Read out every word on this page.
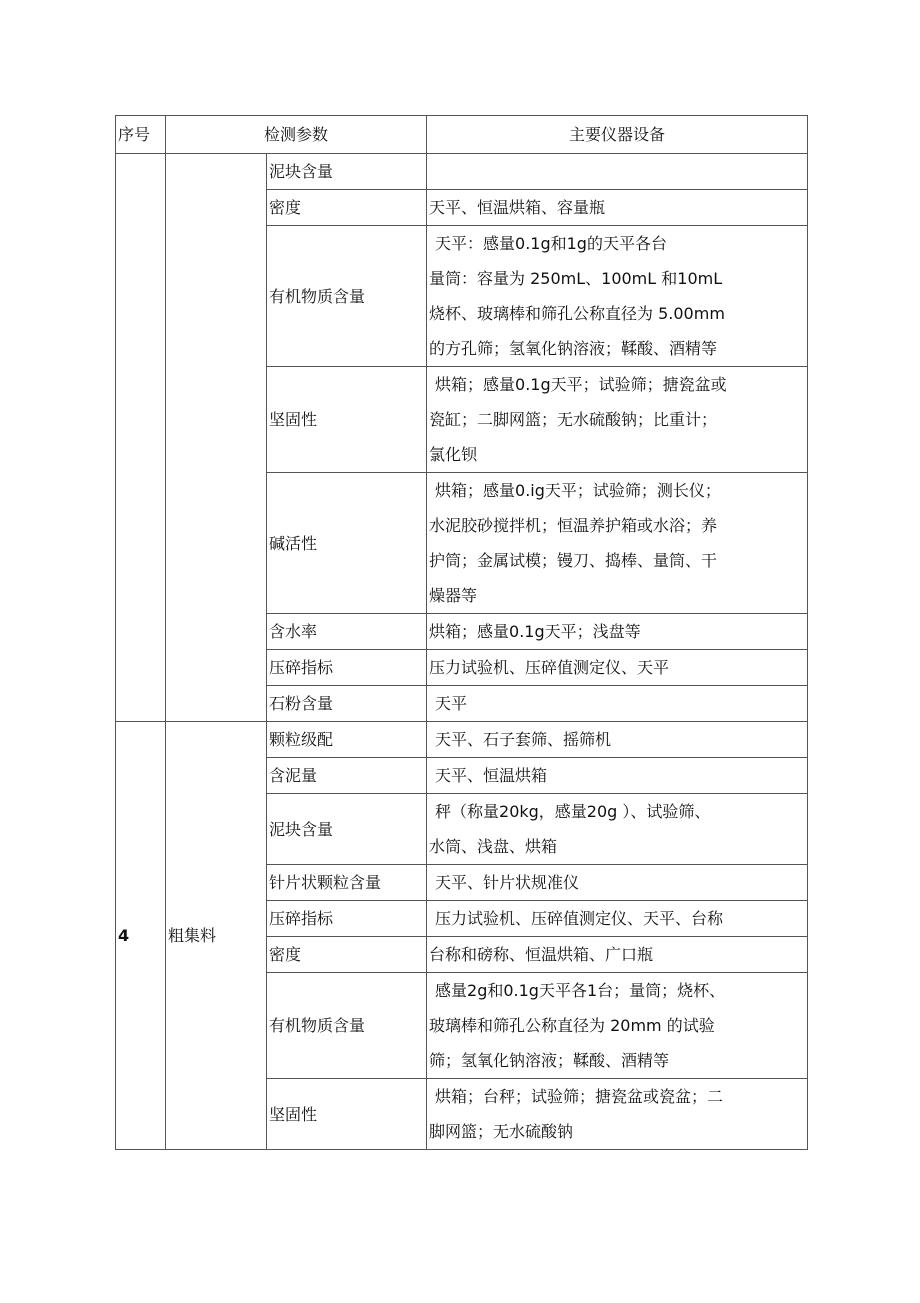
序号	检测参数		主要仪器设备
		泥块含量	
		密度	天平、恒温烘箱、容量瓶

		有机物质含量	天平：感量0.1g和1g的天平各台
量筒：容量为 250mL、100mL 和10mL
烧杯、玻璃棒和筛孔公称直径为 5.00mm
的方孔筛；氢氧化钠溶液；鞣酸、酒精等

		坚固性	烘箱；感量0.1g天平；试验筛；搪瓷盆或
瓷缸；二脚网篮；无水硫酸钠；比重计；
氯化钡

		碱活性	烘箱；感量0.ig天平；试验筛；测长仪；
水泥胶砂搅拌机；恒温养护箱或水浴；养
护筒；金属试模；镘刀、捣棒、量筒、干
燥器等

		含水率	烘箱；感量0.1g天平；浅盘等

		压碎指标	压力试验机、压碎值测定仪、天平

		石粉含量	天平

4	粗集料	颗粒级配	天平、石子套筛、摇筛机

		含泥量	天平、恒温烘箱

		泥块含量	秤（称量20kg，感量20g ）、试验筛、
水筒、浅盘、烘箱

		针片状颗粒含量	天平、针片状规准仪

		压碎指标	压力试验机、压碎值测定仪、天平、台称

		密度	台称和磅称、恒温烘箱、广口瓶

		有机物质含量	感量2g和0.1g天平各1台；量筒；烧杯、
玻璃棒和筛孔公称直径为 20mm 的试验
筛；氢氧化钠溶液；鞣酸、酒精等

		坚固性	烘箱；台秤；试验筛；搪瓷盆或瓷盆；二
脚网篮；无水硫酸钠
